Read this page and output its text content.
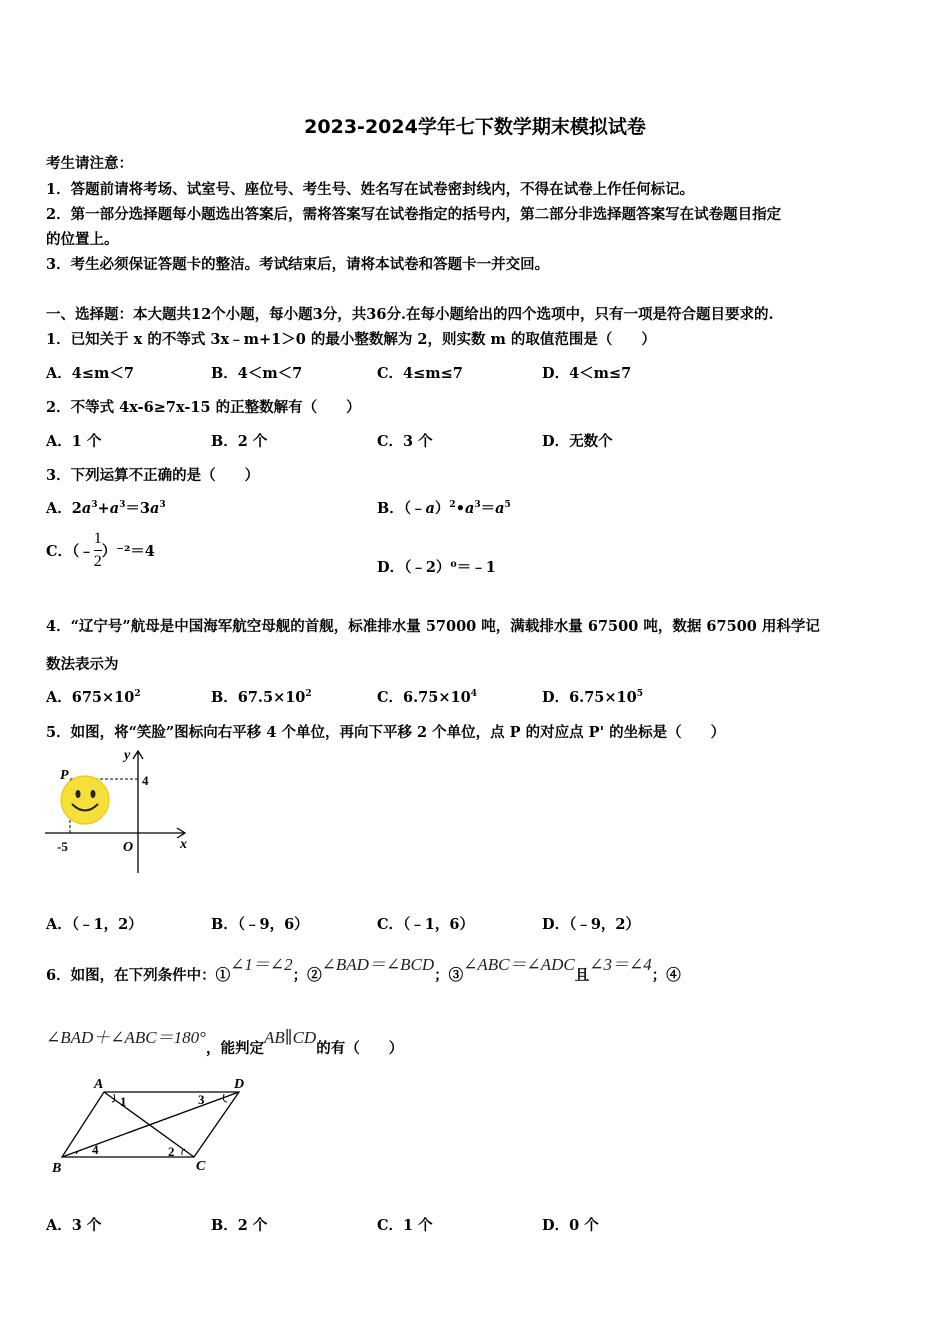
2023-2024学年七下数学期末模拟试卷
考生请注意：
1．答题前请将考场、试室号、座位号、考生号、姓名写在试卷密封线内，不得在试卷上作任何标记。
2．第一部分选择题每小题选出答案后，需将答案写在试卷指定的括号内，第二部分非选择题答案写在试卷题目指定
的位置上。
3．考生必须保证答题卡的整洁。考试结束后，请将本试卷和答题卡一并交回。
一、选择题：本大题共12个小题，每小题3分，共36分.在每小题给出的四个选项中，只有一项是符合题目要求的.
1．已知关于 x 的不等式 3x﹣m+1＞0 的最小整数解为 2，则实数 m 的取值范围是（　　）
A．4≤m＜7	B．4＜m＜7	C．4≤m≤7	D．4＜m≤7
2．不等式 4x-6≥7x-15 的正整数解有（　　）
A．1 个	B．2 个	C．3 个	D．无数个
3．下列运算不正确的是（　　）
A．$2a^3+a^3=3a^3$	B．$(﹣a)^2•a^3=a^5$
C．（﹣ $\frac{1}{2} )^{-2}=4$
D．（﹣2）⁰＝﹣1
4．“辽宁号”航母是中国海军航空母舰的首舰，标准排水量 57000 吨，满载排水量 67500 吨，数据 67500 用科学记
数法表示为
A．$675\times 10^2$	B．$67.5\times 10^2$	C．$6.75\times 10^4$	D．$6.75\times 10^5$
5．如图，将“笑脸”图标向右平移 4 个单位，再向下平移 2 个单位，点 P 的对应点 P' 的坐标是（　　）
y
x
O
P	4
-5
A．（﹣1，2）	B．（﹣9，6）	C．（﹣1，6）	D．（﹣9，2）
6．如图，在下列条件中：①∠1＝∠2；②∠BAD＝∠BCD；③∠ABC＝∠ADC且∠3＝∠4；④
∠BAD＋∠ABC＝180°，能判定AB∥CD的有（　　）
A	D
B	C
1
2
3
4
A．3 个	B．2 个	C．1 个	D．0 个
